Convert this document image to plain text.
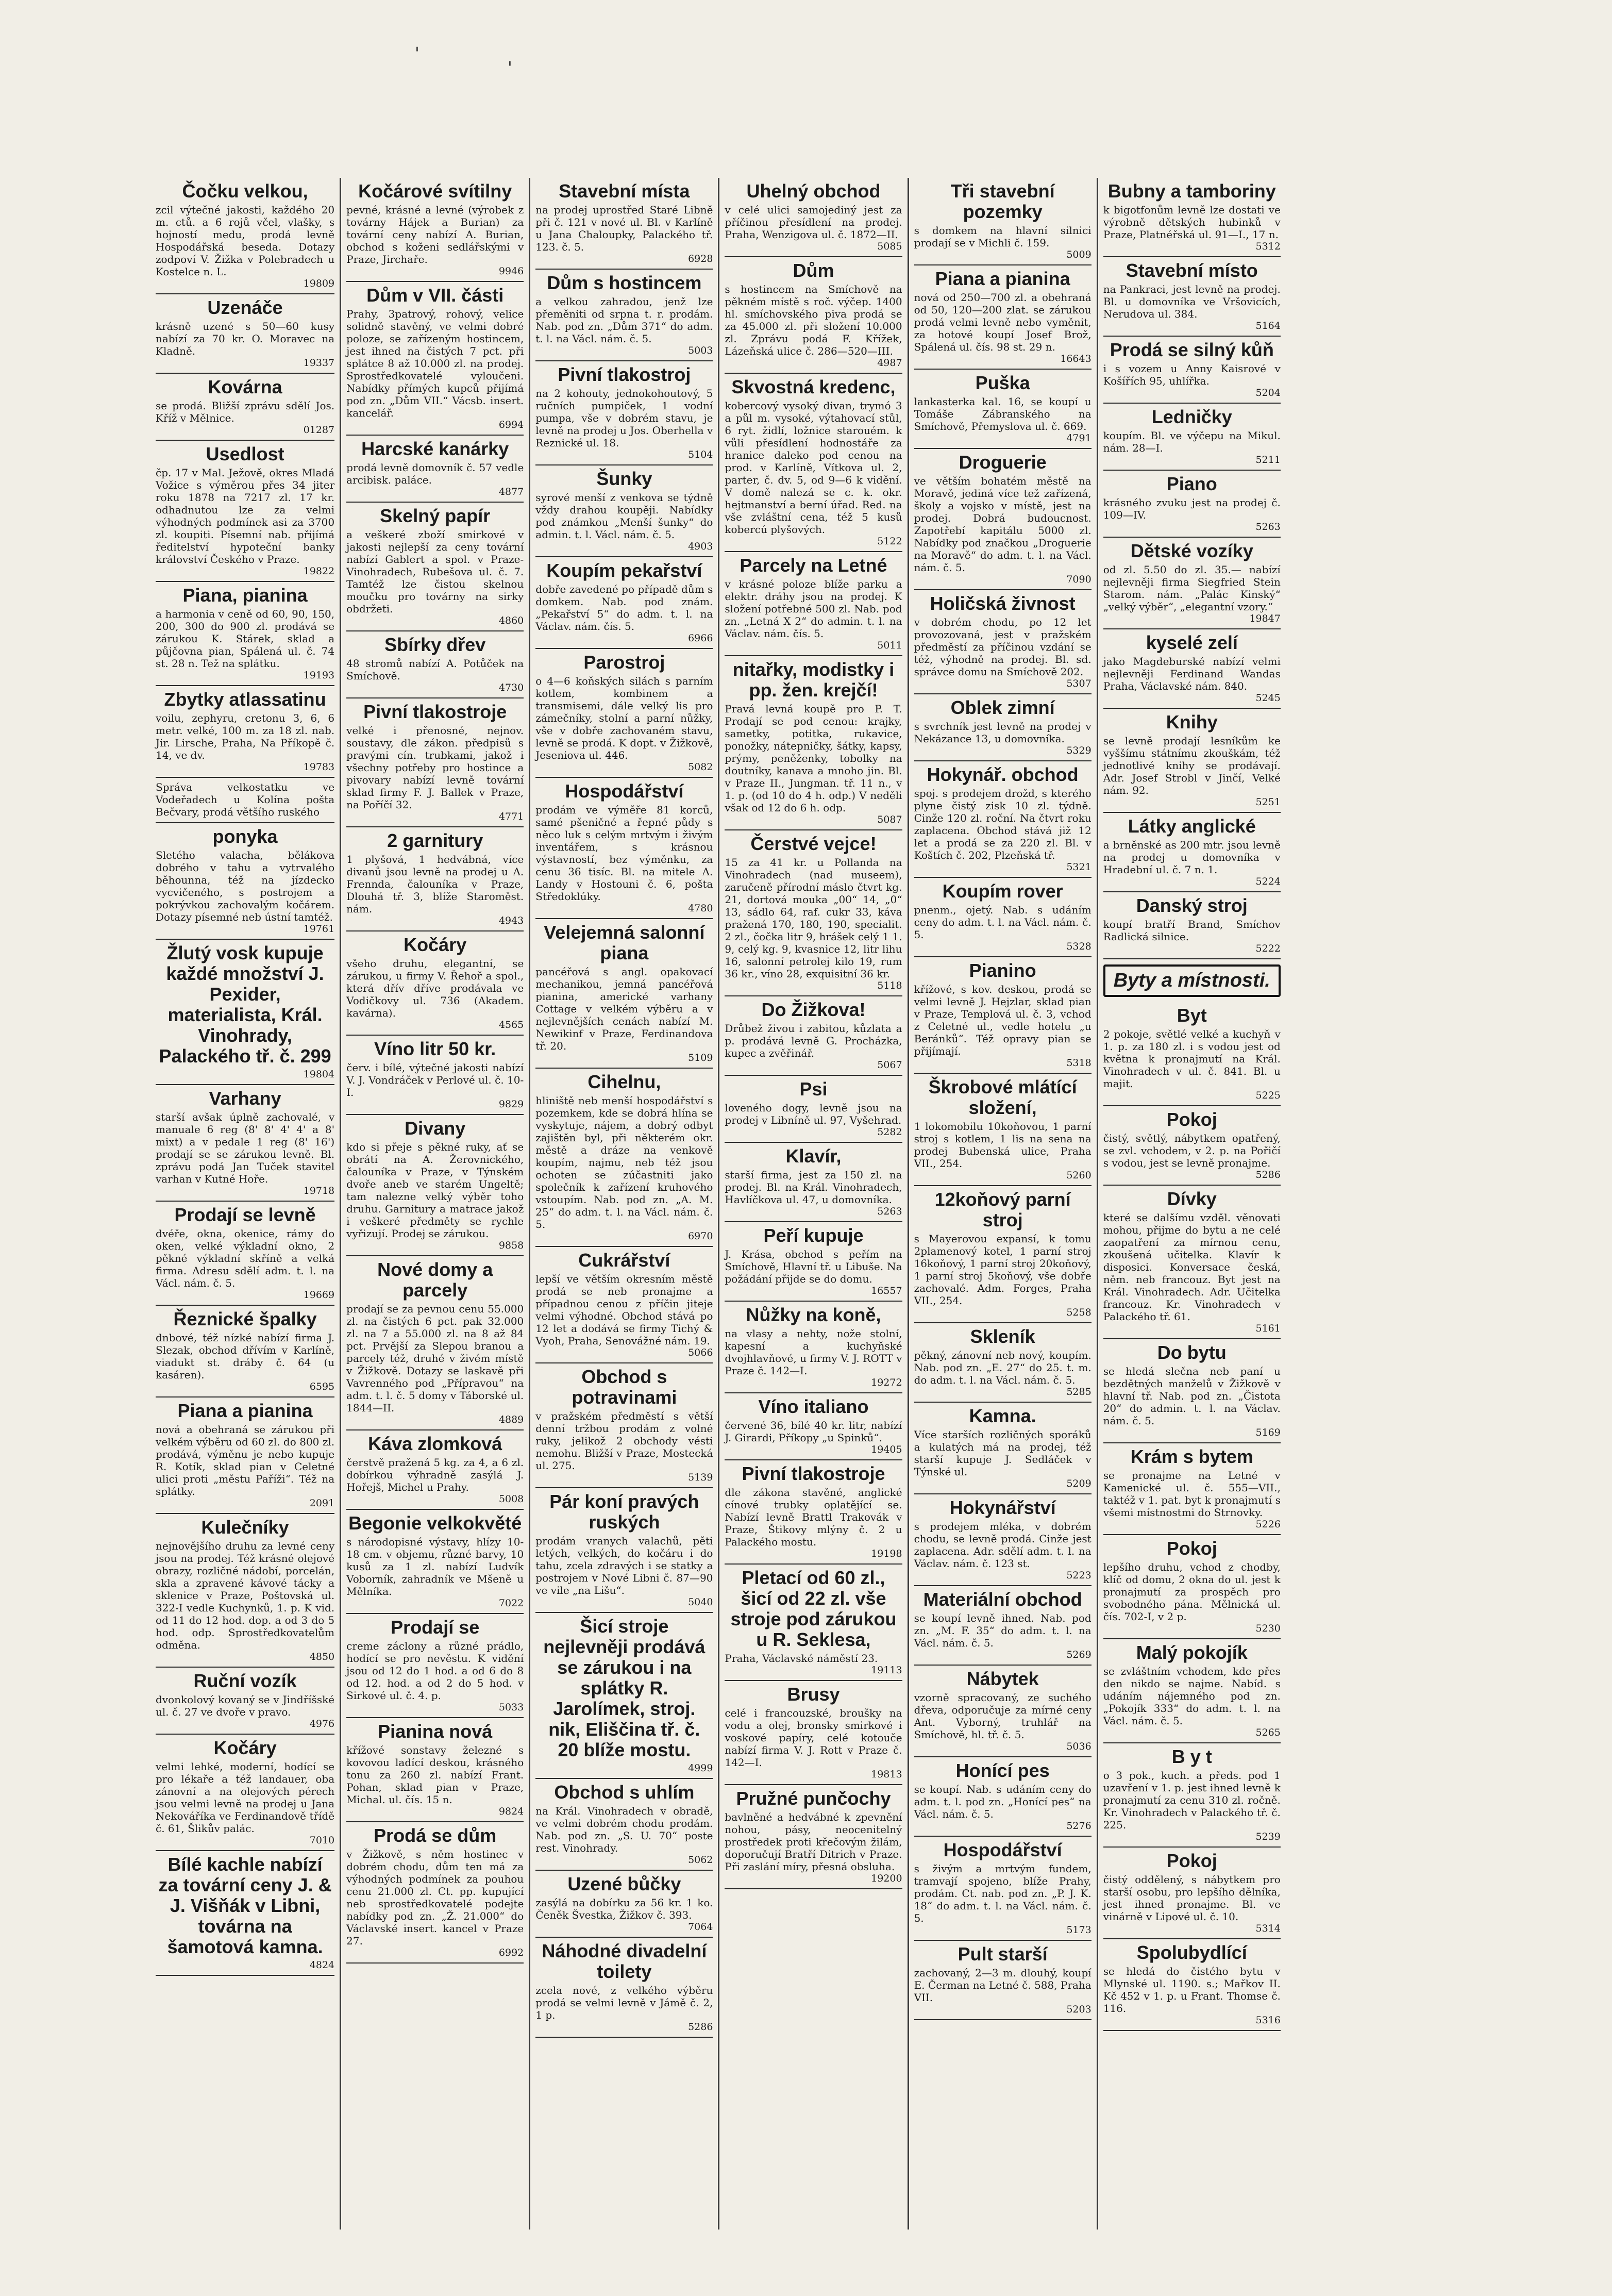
'
'
Čočku velkou,

zcil výtečné jakosti, každého 20 m. ctů. a 6 rojů včel, vlašky, s hojností medu, prodá levně Hospodářská beseda. Dotazy zodpoví V. Žižka v Polebradech u Kostelce n. L.

19809
Uzenáče

krásně uzené s 50—60 kusy nabízí za 70 kr. O. Moravec na Kladně.

19337
Kovárna

se prodá. Bližší zprávu sdělí Jos. Kříž v Mělnice.

01287
Usedlost

čp. 17 v Mal. Ježově, okres Mladá Vožice s výměrou přes 34 jiter roku 1878 na 7217 zl. 17 kr. odhadnutou lze za velmi výhodných podmínek asi za 3700 zl. koupiti. Písemní nab. přijímá ředitelství hypoteční banky království Českého v Praze.

19822
Piana, pianina

a harmonia v ceně od 60, 90, 150, 200, 300 do 900 zl. prodává se zárukou K. Stárek, sklad a půjčovna pian, Spálená ul. č. 74 st. 28 n. Tež na splátku.

19193
Zbytky atlassatinu

voilu, zephyru, cretonu 3, 6, 6 metr. velké, 100 m. za 18 zl. nab. Jir. Lirsche, Praha, Na Příkopě č. 14, ve dv.

19783

Správa velkostatku ve Vodeřadech u Kolína pošta Bečvary, prodá většího ruského

ponyka

Sletého valacha, bělákova dobrého v tahu a vytrvalého běhounna, též na jízdecko vycvičeného, s postrojem a pokrývkou zachovalým kočárem. Dotazy písemné neb ústní tamtéž.

19761
Žlutý vosk kupuje každé množství J. Pexider, materialista, Král. Vinohrady, Palackého tř. č. 299
19804
Varhany

starší avšak úplně zachovalé, v manuale 6 reg (8' 8' 4' 4' a 8' mixt) a v pedale 1 reg (8' 16') prodají se se zárukou levně. Bl. zprávu podá Jan Tuček stavitel varhan v Kutné Hoře.

19718
Prodají se levně

dvéře, okna, okenice, rámy do oken, velké výkladní okno, 2 pěkné výkladní skříně a velká firma. Adresu sdělí adm. t. l. na Václ. nám. č. 5.

19669
Řeznické špalky

dnbové, též nízké nabízí firma J. Slezak, obchod dřívím v Karlíně, viadukt st. dráby č. 64 (u kasáren).

6595
Piana a pianina

nová a obehraná se zárukou při velkém výběru od 60 zl. do 800 zl. prodává, výměnu je nebo kupuje R. Kotík, sklad pian v Celetné ulici proti „městu Paříži“. Též na splátky.

2091
Kulečníky

nejnovějšího druhu za levné ceny jsou na prodej. Též krásné olejové obrazy, rozličné nádobí, porcelán, skla a zpravené kávové tácky a sklenice v Praze, Poštovská ul. 322-I vedle Kuchynků, 1. p. K vid. od 11 do 12 hod. dop. a od 3 do 5 hod. odp. Sprostředkovatelům odměna.

4850
Ruční vozík

dvonkolový kovaný se v Jindříšské ul. č. 27 ve dvoře v pravo.

4976
Kočáry

velmi lehké, moderní, hodící se pro lékaře a též landauer, oba zánovní a na olejových pérech jsou velmi levně na prodej u Jana Nekováříka ve Ferdinandově třídě č. 61, Šlikův palác.

7010
Bílé kachle nabízí za tovární ceny J. & J. Višňák v Libni, továrna na šamotová kamna.
4824
Kočárové svítilny

pevné, krásné a levné (výrobek z továrny Hájek a Burian) za tovární ceny nabízí A. Burian, obchod s koženi sedlářskými v Praze, Jirchaře.

9946
Dům v VII. části

Prahy, 3patrový, rohový, velice solidně stavěný, ve velmi dobré poloze, se zařízeným hostincem, jest ihned na čistých 7 pct. při splátce 8 až 10.000 zl. na prodej. Sprostředkovatelé vyloučeni. Nabídky přímých kupců přijímá pod zn. „Dům VII.“ Vácsb. insert. kancelář.

6994
Harcské kanárky

prodá levně domovník č. 57 vedle arcibisk. paláce.

4877
Skelný papír

a veškeré zboží smirkové v jakosti nejlepší za ceny tovární nabízí Gablert a spol. v Praze-Vinohradech, Rubešova ul. č. 7. Tamtéž lze čistou skelnou moučku pro továrny na sirky obdržeti.

4860
Sbírky dřev

48 stromů nabízí A. Potůček na Smíchově.

4730
Pivní tlakostroje

velké i přenosné, nejnov. soustavy, dle zákon. předpisů s pravými cín. trubkami, jakož i všechny potřeby pro hostince a pivovary nabízí levně tovární sklad firmy F. J. Ballek v Praze, na Poříčí 32.

4771
2 garnitury

1 plyšová, 1 hedvábná, více divanů jsou levně na prodej u A. Frennda, čalouníka v Praze, Dlouhá tř. 3, blíže Staroměst. nám.

4943
Kočáry

všeho druhu, elegantní, se zárukou, u firmy V. Řehoř a spol., která dřív dříve prodávala ve Vodičkovy ul. 736 (Akadem. kavárna).

4565
Víno litr 50 kr.

červ. i bílé, výtečné jakosti nabízí V. J. Vondráček v Perlové ul. č. 10-I.

9829
Divany

kdo si přeje s pěkné ruky, ať se obrátí na A. Žerovnického, čalouníka v Praze, v Týnském dvoře aneb ve starém Ungeltě; tam nalezne velký výběr toho druhu. Garnitury a matrace jakož i veškeré předměty se rychle vyřizují. Prodej se zárukou.

9858
Nové domy a parcely

prodají se za pevnou cenu 55.000 zl. na čistých 6 pct. pak 32.000 zl. na 7 a 55.000 zl. na 8 až 84 pct. Prvější za Slepou branou a parcely též, druhé v živém místě v Žižkově. Dotazy se laskavě při Vavrenného pod „Přípravou“ na adm. t. l. č. 5 domy v Táborské ul. 1844—II.

4889
Káva zlomková

čerstvě pražená 5 kg. za 4, a 6 zl. dobírkou výhradně zasýlá J. Hořejš, Michel u Prahy.

5008
Begonie velkokvěté

s národopisné výstavy, hlízy 10-18 cm. v objemu, různé barvy, 10 kusů za 1 zl. nabízí Ludvík Voborník, zahradník ve Mšeně u Mělníka.

7022
Prodají se

creme záclony a různé prádlo, hodící se pro nevěstu. K vidění jsou od 12 do 1 hod. a od 6 do 8 od 12. hod. a od 2 do 5 hod. v Sirkové ul. č. 4. p.

5033
Pianina nová

křížové sonstavy železné s kovovou ladící deskou, krásného tonu za 260 zl. nabízí Frant. Pohan, sklad pian v Praze, Michal. ul. čís. 15 n.

9824
Prodá se dům

v Žižkově, s něm hostinec v dobrém chodu, dům ten má za výhodných podmínek za pouhou cenu 21.000 zl. Ct. pp. kupující neb sprostředkovatelé podejte nabídky pod zn. „Ž. 21.000“ do Václavské insert. kancel v Praze 27.

6992
Stavební místa

na prodej uprostřed Staré Libně při č. 121 v nové ul. Bl. v Karlíně u Jana Chaloupky, Palackého tř. 123. č. 5.

6928
Dům s hostincem

a velkou zahradou, jenž lze přeměniti od srpna t. r. prodám. Nab. pod zn. „Dům 371“ do adm. t. l. na Václ. nám. č. 5.

5003
Pivní tlakostroj

na 2 kohouty, jednokohoutový, 5 ručních pumpiček, 1 vodní pumpa, vše v dobrém stavu, je levně na prodej u Jos. Oberhella v Reznické ul. 18.

5104
Šunky

syrové menší z venkova se týdně vždy drahou koupěji. Nabídky pod známkou „Menší šunky“ do admin. t. l. Václ. nám. č. 5.

4903
Koupím pekařství

dobře zavedené po případě dům s domkem. Nab. pod znám. „Pekařství 5“ do adm. t. l. na Václav. nám. čís. 5.

6966
Parostroj

o 4—6 koňských silách s parním kotlem, kombinem a transmisemi, dále velký lis pro zámečníky, stolní a parní nůžky, vše v dobře zachovaném stavu, levně se prodá. K dopt. v Žižkově, Jeseniova ul. 446.

5082
Hospodářství

prodám ve výměře 81 korců, samé pšeničné a řepné půdy s něco luk s celým mrtvým i živým inventářem, s krásnou výstavností, bez výměnku, za cenu 36 tisíc. Bl. na mitele A. Landy v Hostouni č. 6, pošta Středoklúky.

4780
Velejemná salonní piana

pancéřová s angl. opakovací mechanikou, jemná pancéřová pianina, americké varhany Cottage v velkém výběru a v nejlevnějších cenách nabízí M. Newikinf v Praze, Ferdinandova tř. 20.

5109
Cihelnu,

hliniště neb menší hospodářství s pozemkem, kde se dobrá hlína se vyskytuje, nájem, a dobrý odbyt zajištěn byl, při některém okr. městě a dráze na venkově koupím, najmu, neb též jsou ochoten se zúčastniti jako společník k zařízení kruhového vstoupím. Nab. pod zn. „A. M. 25“ do adm. t. l. na Václ. nám. č. 5.

6970
Cukrářství

lepší ve větším okresním městě prodá se neb pronajme a případnou cenou z příčin jiteje velmi výhodné. Obchod stává po 12 let a dodává se firmy Tichý & Vyoh, Praha, Senovážné nám. 19.

5066
Obchod s potravinami

v pražském předměstí s větší denní tržbou prodám z volné ruky, jelikož 2 obchody vésti nemohu. Bližší v Praze, Mostecká ul. 275.

5139
Pár koní pravých ruských

prodám vranych valachů, pěti letých, velkých, do kočáru i do tahu, zcela zdravých i se statky a postrojem v Nové Libni č. 87—90 ve vile „na Lišu“.

5040
Šicí stroje nejlevněji prodává se zárukou i na splátky R. Jarolímek, stroj. nik, Eliščina tř. č. 20 blíže mostu.
4999
Obchod s uhlím

na Král. Vinohradech v obradě, ve velmi dobrém chodu prodám. Nab. pod zn. „S. U. 70“ poste rest. Vinohrady.

5062
Uzené bůčky

zasýlá na dobírku za 56 kr. 1 ko. Čeněk Švestka, Žižkov č. 393.

7064
Náhodné divadelní toilety

zcela nové, z velkého výběru prodá se velmi levně v Jámě č. 2, 1 p.

5286
Uhelný obchod

v celé ulici samojediný jest za příčinou přesídlení na prodej. Praha, Wenzigova ul. č. 1872—II.

5085
Dům

s hostincem na Smíchově na pěkném místě s roč. výčep. 1400 hl. smíchovského piva prodá se za 45.000 zl. při složení 10.000 zl. Zprávu podá F. Křížek, Lázeňská ulice č. 286—520—III.

4987
Skvostná kredenc,

kobercový vysoký divan, trymó 3 a půl m. vysoké, výtahovací stůl, 6 ryt. židlí, ložnice starouém. k vůli přesídlení hodnostáře za hranice daleko pod cenou na prod. v Karlíně, Vítkova ul. 2, parter, č. dv. 5, od 9—6 k vidění. V domě nalezá se c. k. okr. hejtmanství a berní úřad. Red. na vše zvláštní cena, též 5 kusů kobercú plyšových.

5122
Parcely na Letné

v krásné poloze blíže parku a elektr. dráhy jsou na prodej. K složení potřebné 500 zl. Nab. pod zn. „Letná X 2“ do admin. t. l. na Václav. nám. čís. 5.

5011
nitařky, modistky i pp. žen. krejčí!

Pravá levná koupě pro P. T. Prodají se pod cenou: krajky, sametky, potitka, rukavice, ponožky, nátepničky, šátky, kapsy, prýmy, peněženky, tobolky na doutníky, kanava a mnoho jin. Bl. v Praze II., Jungman. tř. 11 n., v 1. p. (od 10 do 4 h. odp.) V neděli však od 12 do 6 h. odp.

5087
Čerstvé vejce!

15 za 41 kr. u Pollanda na Vinohradech (nad museem), zaručeně přírodní máslo čtvrt kg. 21, dortová mouka „00“ 14, „0“ 13, sádlo 64, raf. cukr 33, káva pražená 170, 180, 190, specialit. 2 zl., čočka litr 9, hrášek celý 1 1. 9, celý kg. 9, kvasnice 12, litr lihu 16, salonní petrolej kilo 19, rum 36 kr., víno 28, exquisitní 36 kr.

5118
Do Žižkova!

Drůbež živou i zabitou, kůzlata a p. prodává levně G. Procházka, kupec a zvěřinář.

5067
Psi

loveného dogy, levně jsou na prodej v Libníně ul. 97, Vyšehrad.

5282
Klavír,

starší firma, jest za 150 zl. na prodej. Bl. na Král. Vinohradech, Havlíčkova ul. 47, u domovníka.

5263
Peří kupuje

J. Krása, obchod s peřím na Smíchově, Hlavní tř. u Libuše. Na požádání přijde se do domu.

16557
Nůžky na koně,

na vlasy a nehty, nože stolní, kapesní a kuchyňské dvojhlavňové, u firmy V. J. ROTT v Praze č. 142—I.

19272
Víno italiano

červené 36, bílé 40 kr. litr, nabízí J. Girardi, Příkopy „u Spinků“.

19405
Pivní tlakostroje

dle zákona stavěné, anglické cínové trubky oplatějící se. Nabízí levně Brattl Trakovák v Praze, Štikovy mlýny č. 2 u Palackého mostu.

19198
Pletací od 60 zl., šicí od 22 zl. vše stroje pod zárukou u R. Seklesa,

Praha, Václavské náměstí 23.

19113
Brusy

celé i francouzské, broušky na vodu a olej, bronsky smirkové i voskové papíry, celé kotouče nabízí firma V. J. Rott v Praze č. 142—I.

19813
Pružné punčochy

bavlněné a hedvábné k zpevnění nohou, pásy, neocenitelný prostředek proti křečovým žilám, doporučují Bratří Ditrich v Praze. Při zaslání míry, přesná obsluha.

19200
Tři stavební pozemky

s domkem na hlavní silnici prodají se v Michli č. 159.

5009
Piana a pianina

nová od 250—700 zl. a obehraná od 50, 120—200 zlat. se zárukou prodá velmi levně nebo vyměnit, za hotové koupí Josef Brož, Spálená ul. čís. 98 st. 29 n.

16643
Puška

lankasterka kal. 16, se koupí u Tomáše Zábranského na Smíchově, Přemyslova ul. č. 669.

4791
Droguerie

ve větším bohatém městě na Moravě, jediná více tež zařízená, školy a vojsko v místě, jest na prodej. Dobrá budoucnost. Zapotřebí kapitálu 5000 zl. Nabídky pod značkou „Droguerie na Moravě“ do adm. t. l. na Václ. nám. č. 5.

7090
Holičská živnost

v dobrém chodu, po 12 let provozovaná, jest v pražském předměstí za příčinou vzdání se též, výhodně na prodej. Bl. sd. správce domu na Smíchově 202.

5307
Oblek zimní

s svrchník jest levně na prodej v Nekázance 13, u domovníka.

5329
Hokynář. obchod

spoj. s prodejem drožd, s kterého plyne čistý zisk 10 zl. týdně. Cinže 120 zl. roční. Na čtvrt roku zaplacena. Obchod stává již 12 let a prodá se za 220 zl. Bl. v Koštích č. 202, Plzeňská tř.

5321
Koupím rover

pnenm., ojetý. Nab. s udáním ceny do adm. t. l. na Václ. nám. č. 5.

5328
Pianino

křížové, s kov. deskou, prodá se velmi levně J. Hejzlar, sklad pian v Praze, Templová ul. č. 3, vchod z Celetné ul., vedle hotelu „u Beránků“. Též opravy pian se přijímají.

5318
Škrobové mlátící složení,

1 lokomobilu 10koňovou, 1 parní stroj s kotlem, 1 lis na sena na prodej Bubenská ulice, Praha VII., 254.

5260
12koňový parní stroj

s Mayerovou expansí, k tomu 2plamenový kotel, 1 parní stroj 16koňový, 1 parní stroj 20koňový, 1 parní stroj 5koňový, vše dobře zachovalé. Adm. Forges, Praha VII., 254.

5258
Skleník

pěkný, zánovní neb nový, koupím. Nab. pod zn. „E. 27“ do 25. t. m. do adm. t. l. na Václ. nám. č. 5.

5285
Kamna.

Více starších rozličných sporáků a kulatých má na prodej, též starší kupuje J. Sedláček v Týnské ul.

5209
Hokynářství

s prodejem mléka, v dobrém chodu, se levně prodá. Cinže jest zaplacena. Adr. sdělí adm. t. l. na Václav. nám. č. 123 st.

5223
Materiální obchod

se koupí levně ihned. Nab. pod zn. „M. F. 35“ do adm. t. l. na Václ. nám. č. 5.

5269
Nábytek

vzorně spracovaný, ze suchého dřeva, odporučuje za mírné ceny Ant. Vyborný, truhlář na Smíchově, hl. tř. č. 5.

5036
Honící pes

se koupí. Nab. s udáním ceny do adm. t. l. pod zn. „Honící pes“ na Václ. nám. č. 5.

5276
Hospodářství

s živým a mrtvým fundem, tramvají spojeno, blíže Prahy, prodám. Ct. nab. pod zn. „P. J. K. 18“ do adm. t. l. na Václ. nám. č. 5.

5173
Pult starší

zachovaný, 2—3 m. dlouhý, koupí E. Čerman na Letné č. 588, Praha VII.

5203
Bubny a tamboriny

k bigotfonům levně lze dostati ve výrobně dětských hubinků v Praze, Platnéřská ul. 91—I., 17 n.

5312
Stavební místo

na Pankraci, jest levně na prodej. Bl. u domovníka ve Vršovicích, Nerudova ul. 384.

5164
Prodá se silný kůň

i s vozem u Anny Kaisrové v Košířích 95, uhlířka.

5204
Ledničky

koupím. Bl. ve výčepu na Mikul. nám. 28—I.

5211
Piano

krásného zvuku jest na prodej č. 109—IV.

5263
Dětské vozíky

od zl. 5.50 do zl. 35.— nabízí nejlevněji firma Siegfried Stein Starom. nám. „Palác Kinský“ „velký výběr“, „elegantní vzory.“

19847
kyselé zelí

jako Magdeburské nabízí velmi nejlevněji Ferdinand Wandas Praha, Václavské nám. 840.

5245
Knihy

se levně prodají lesníkům ke vyššímu státnímu zkouškám, též jednotlivé knihy se prodávají. Adr. Josef Strobl v Jinčí, Velké nám. 92.

5251
Látky anglické

a brněnské as 200 mtr. jsou levně na prodej u domovníka v Hradební ul. č. 7 n. 1.

5224
Danský stroj

koupí bratří Brand, Smíchov Radlická silnice.

5222
Byty a místnosti.
Byt

2 pokoje, světlé velké a kuchyň v 1. p. za 180 zl. i s vodou jest od května k pronajmutí na Král. Vinohradech v ul. č. 841. Bl. u majit.

5225
Pokoj

čistý, světlý, nábytkem opatřený, se zvl. vchodem, v 2. p. na Pořičí s vodou, jest se levně pronajme.

5286
Dívky

které se dalšímu vzděl. věnovati mohou, přijme do bytu a ne celé zaopatření za mírnou cenu, zkoušená učitelka. Klavír k disposici. Konversace česká, něm. neb francouz. Byt jest na Král. Vinohradech. Adr. Učitelka francouz. Kr. Vinohradech v Palackého tř. 61.

5161
Do bytu

se hledá slečna neb paní u bezdětných manželů v Žižkově v hlavní tř. Nab. pod zn. „Čistota 20“ do admin. t. l. na Václav. nám. č. 5.

5169
Krám s bytem

se pronajme na Letné v Kamenické ul. č. 555—VII., taktéž v 1. pat. byt k pronajmutí s všemi místnostmi do Strnovky.

5226
Pokoj

lepšího druhu, vchod z chodby, klíč od domu, 2 okna do ul. jest k pronajmutí za prospěch pro svobodného pána. Mělnická ul. čís. 702-I, v 2 p.

5230
Malý pokojík

se zvláštním vchodem, kde přes den nikdo se najme. Nabíd. s udáním nájemného pod zn. „Pokojík 333“ do adm. t. l. na Václ. nám. č. 5.

5265
B y t

o 3 pok., kuch. a předs. pod 1 uzavření v 1. p. jest ihned levně k pronajmutí za cenu 310 zl. ročně. Kr. Vinohradech v Palackého tř. č. 225.

5239
Pokoj

čistý oddělený, s nábytkem pro starší osobu, pro lepšího dělníka, jest ihned pronajme. Bl. ve vinárně v Lipové ul. č. 10.

5314
Spolubydlící

se hledá do čistého bytu v Mlynské ul. 1190. s.; Mařkov II. Kč 452 v 1. p. u Frant. Thomse č. 116.

5316
